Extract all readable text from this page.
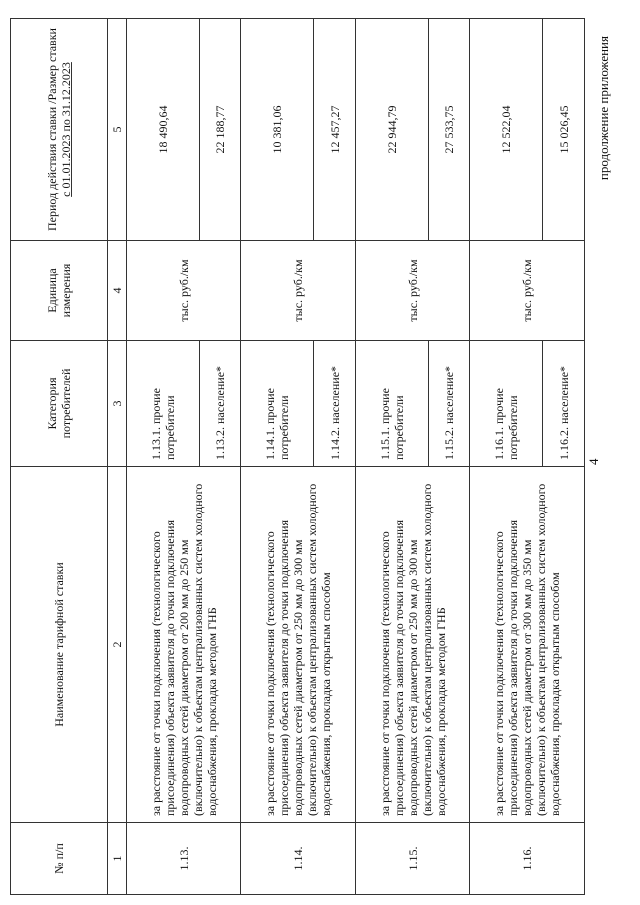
№ п/п	Наименование тарифной ставки	Категория потребителей	Единица измерения	Период действия ставки /Размер ставки с 01.01.2023 по 31.12.2023

1	2	3	4	5
1.13.	за расстояние от точки подключения (технологического присоединения) объекта заявителя до точки подключения водопроводных сетей диаметром от 200 мм до 250 мм (включительно) к объектам централизованных систем холодного водоснабжения, прокладка методом ГНБ	1.13.1. прочие потребители	тыс. руб./км	18 490,64
		1.13.2. население*		22 188,77
1.14.	за расстояние от точки подключения (технологического присоединения) объекта заявителя до точки подключения водопроводных сетей диаметром от 250 мм до 300 мм (включительно) к объектам централизованных систем холодного водоснабжения, прокладка открытым способом	1.14.1. прочие потребители	тыс. руб./км	10 381,06
		1.14.2. население*		12 457,27
1.15.	за расстояние от точки подключения (технологического присоединения) объекта заявителя до точки подключения водопроводных сетей диаметром от 250 мм до 300 мм (включительно) к объектам централизованных систем холодного водоснабжения, прокладка методом ГНБ	1.15.1. прочие потребители	тыс. руб./км	22 944,79
		1.15.2. население*		27 533,75
1.16.	за расстояние от точки подключения (технологического присоединения) объекта заявителя до точки подключения водопроводных сетей диаметром от 300 мм до 350 мм (включительно) к объектам централизованных систем холодного водоснабжения, прокладка открытым способом	1.16.1. прочие потребители	тыс. руб./км	12 522,04
		1.16.2. население*		15 026,45
4
продолжение приложения
